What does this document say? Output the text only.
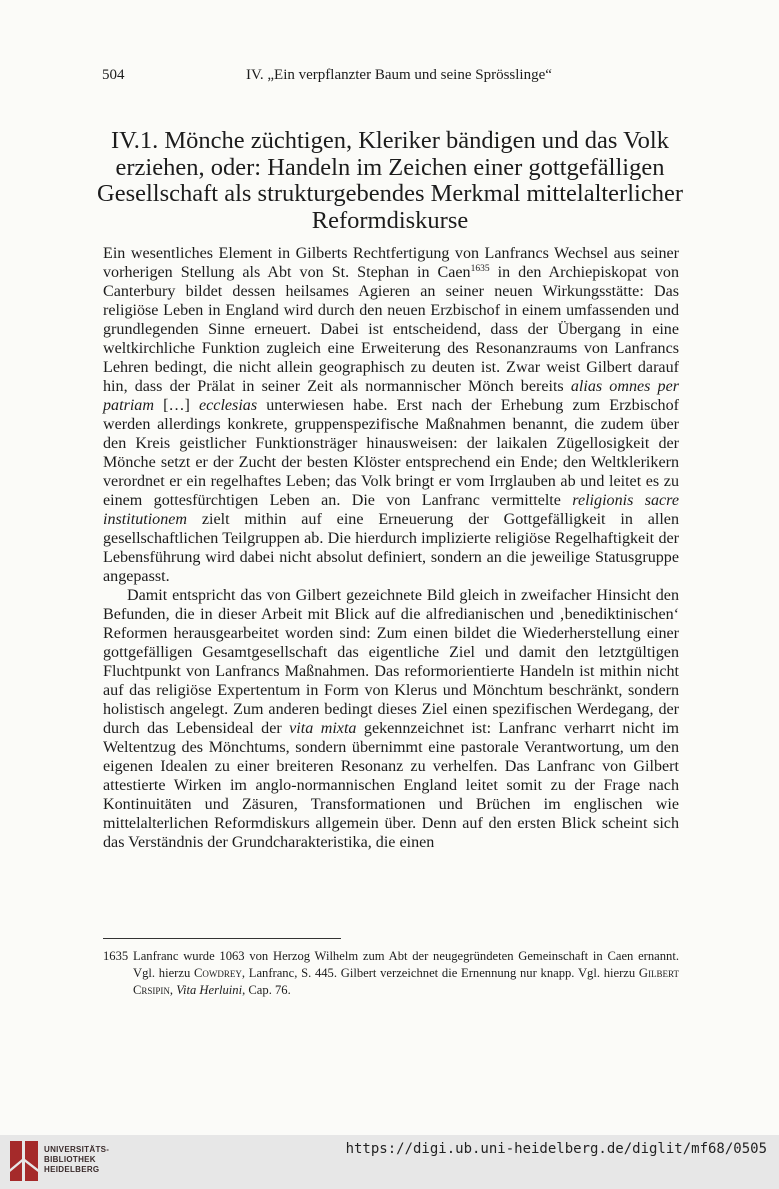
504	IV. „Ein verpflanzter Baum und seine Sprösslinge“
IV.1. Mönche züchtigen, Kleriker bändigen und das Volk
erziehen, oder: Handeln im Zeichen einer gottgefälligen
Gesellschaft als strukturgebendes Merkmal mittelalterlicher
Reformdiskurse

Ein wesentliches Element in Gilberts Rechtfertigung von Lanfrancs Wechsel aus seiner vorherigen Stellung als Abt von St. Stephan in Caen$^{1635}$ in den Archiepiskopat von Canterbury bildet dessen heilsames Agieren an seiner neuen Wirkungsstätte: Das religiöse Leben in England wird durch den neuen Erzbischof in einem umfassenden und grundlegenden Sinne erneuert. Dabei ist entscheidend, dass der Übergang in eine weltkirchliche Funktion zugleich eine Erweiterung des Resonanzraums von Lanfrancs Lehren bedingt, die nicht allein geographisch zu deuten ist. Zwar weist Gilbert darauf hin, dass der Prälat in seiner Zeit als normannischer Mönch bereits alias omnes per patriam […] ecclesias unterwiesen habe. Erst nach der Erhebung zum Erzbischof werden allerdings konkrete, gruppenspezifische Maßnahmen benannt, die zudem über den Kreis geistlicher Funktionsträger hinausweisen: der laikalen Zügellosigkeit der Mönche setzt er der Zucht der besten Klöster entsprechend ein Ende; den Weltklerikern verordnet er ein regelhaftes Leben; das Volk bringt er vom Irrglauben ab und leitet es zu einem gottesfürchtigen Leben an. Die von Lanfranc vermittelte religionis sacre institutionem zielt mithin auf eine Erneuerung der Gottgefälligkeit in allen gesellschaftlichen Teilgruppen ab. Die hierdurch implizierte religiöse Regelhaftigkeit der Lebensführung wird dabei nicht absolut definiert, sondern an die jeweilige Statusgruppe angepasst.

Damit entspricht das von Gilbert gezeichnete Bild gleich in zweifacher Hinsicht den Befunden, die in dieser Arbeit mit Blick auf die alfredianischen und ‚benediktinischen‘ Reformen herausgearbeitet worden sind: Zum einen bildet die Wiederherstellung einer gottgefälligen Gesamtgesellschaft das eigentliche Ziel und damit den letztgültigen Fluchtpunkt von Lanfrancs Maßnahmen. Das reformorientierte Handeln ist mithin nicht auf das religiöse Expertentum in Form von Klerus und Mönchtum beschränkt, sondern holistisch angelegt. Zum anderen bedingt dieses Ziel einen spezifischen Werdegang, der durch das Lebensideal der vita mixta gekennzeichnet ist: Lanfranc verharrt nicht im Weltentzug des Mönchtums, sondern übernimmt eine pastorale Verantwortung, um den eigenen Idealen zu einer breiteren Resonanz zu verhelfen. Das Lanfranc von Gilbert attestierte Wirken im anglo-normannischen England leitet somit zu der Frage nach Kontinuitäten und Zäsuren, Transformationen und Brüchen im englischen wie mittelalterlichen Reformdiskurs allgemein über. Denn auf den ersten Blick scheint sich das Verständnis der Grundcharakteristika, die einen

1635 Lanfranc wurde 1063 von Herzog Wilhelm zum Abt der neugegründeten Gemeinschaft in Caen ernannt. Vgl. hierzu Cowdrey, Lanfranc, S. 445. Gilbert verzeichnet die Ernennung nur knapp. Vgl. hierzu Gilbert Crsipin, Vita Herluini, Cap. 76.
UNIVERSITÄTS-
BIBLIOTHEK
HEIDELBERG
https://digi.ub.uni-heidelberg.de/diglit/mf68/0505
